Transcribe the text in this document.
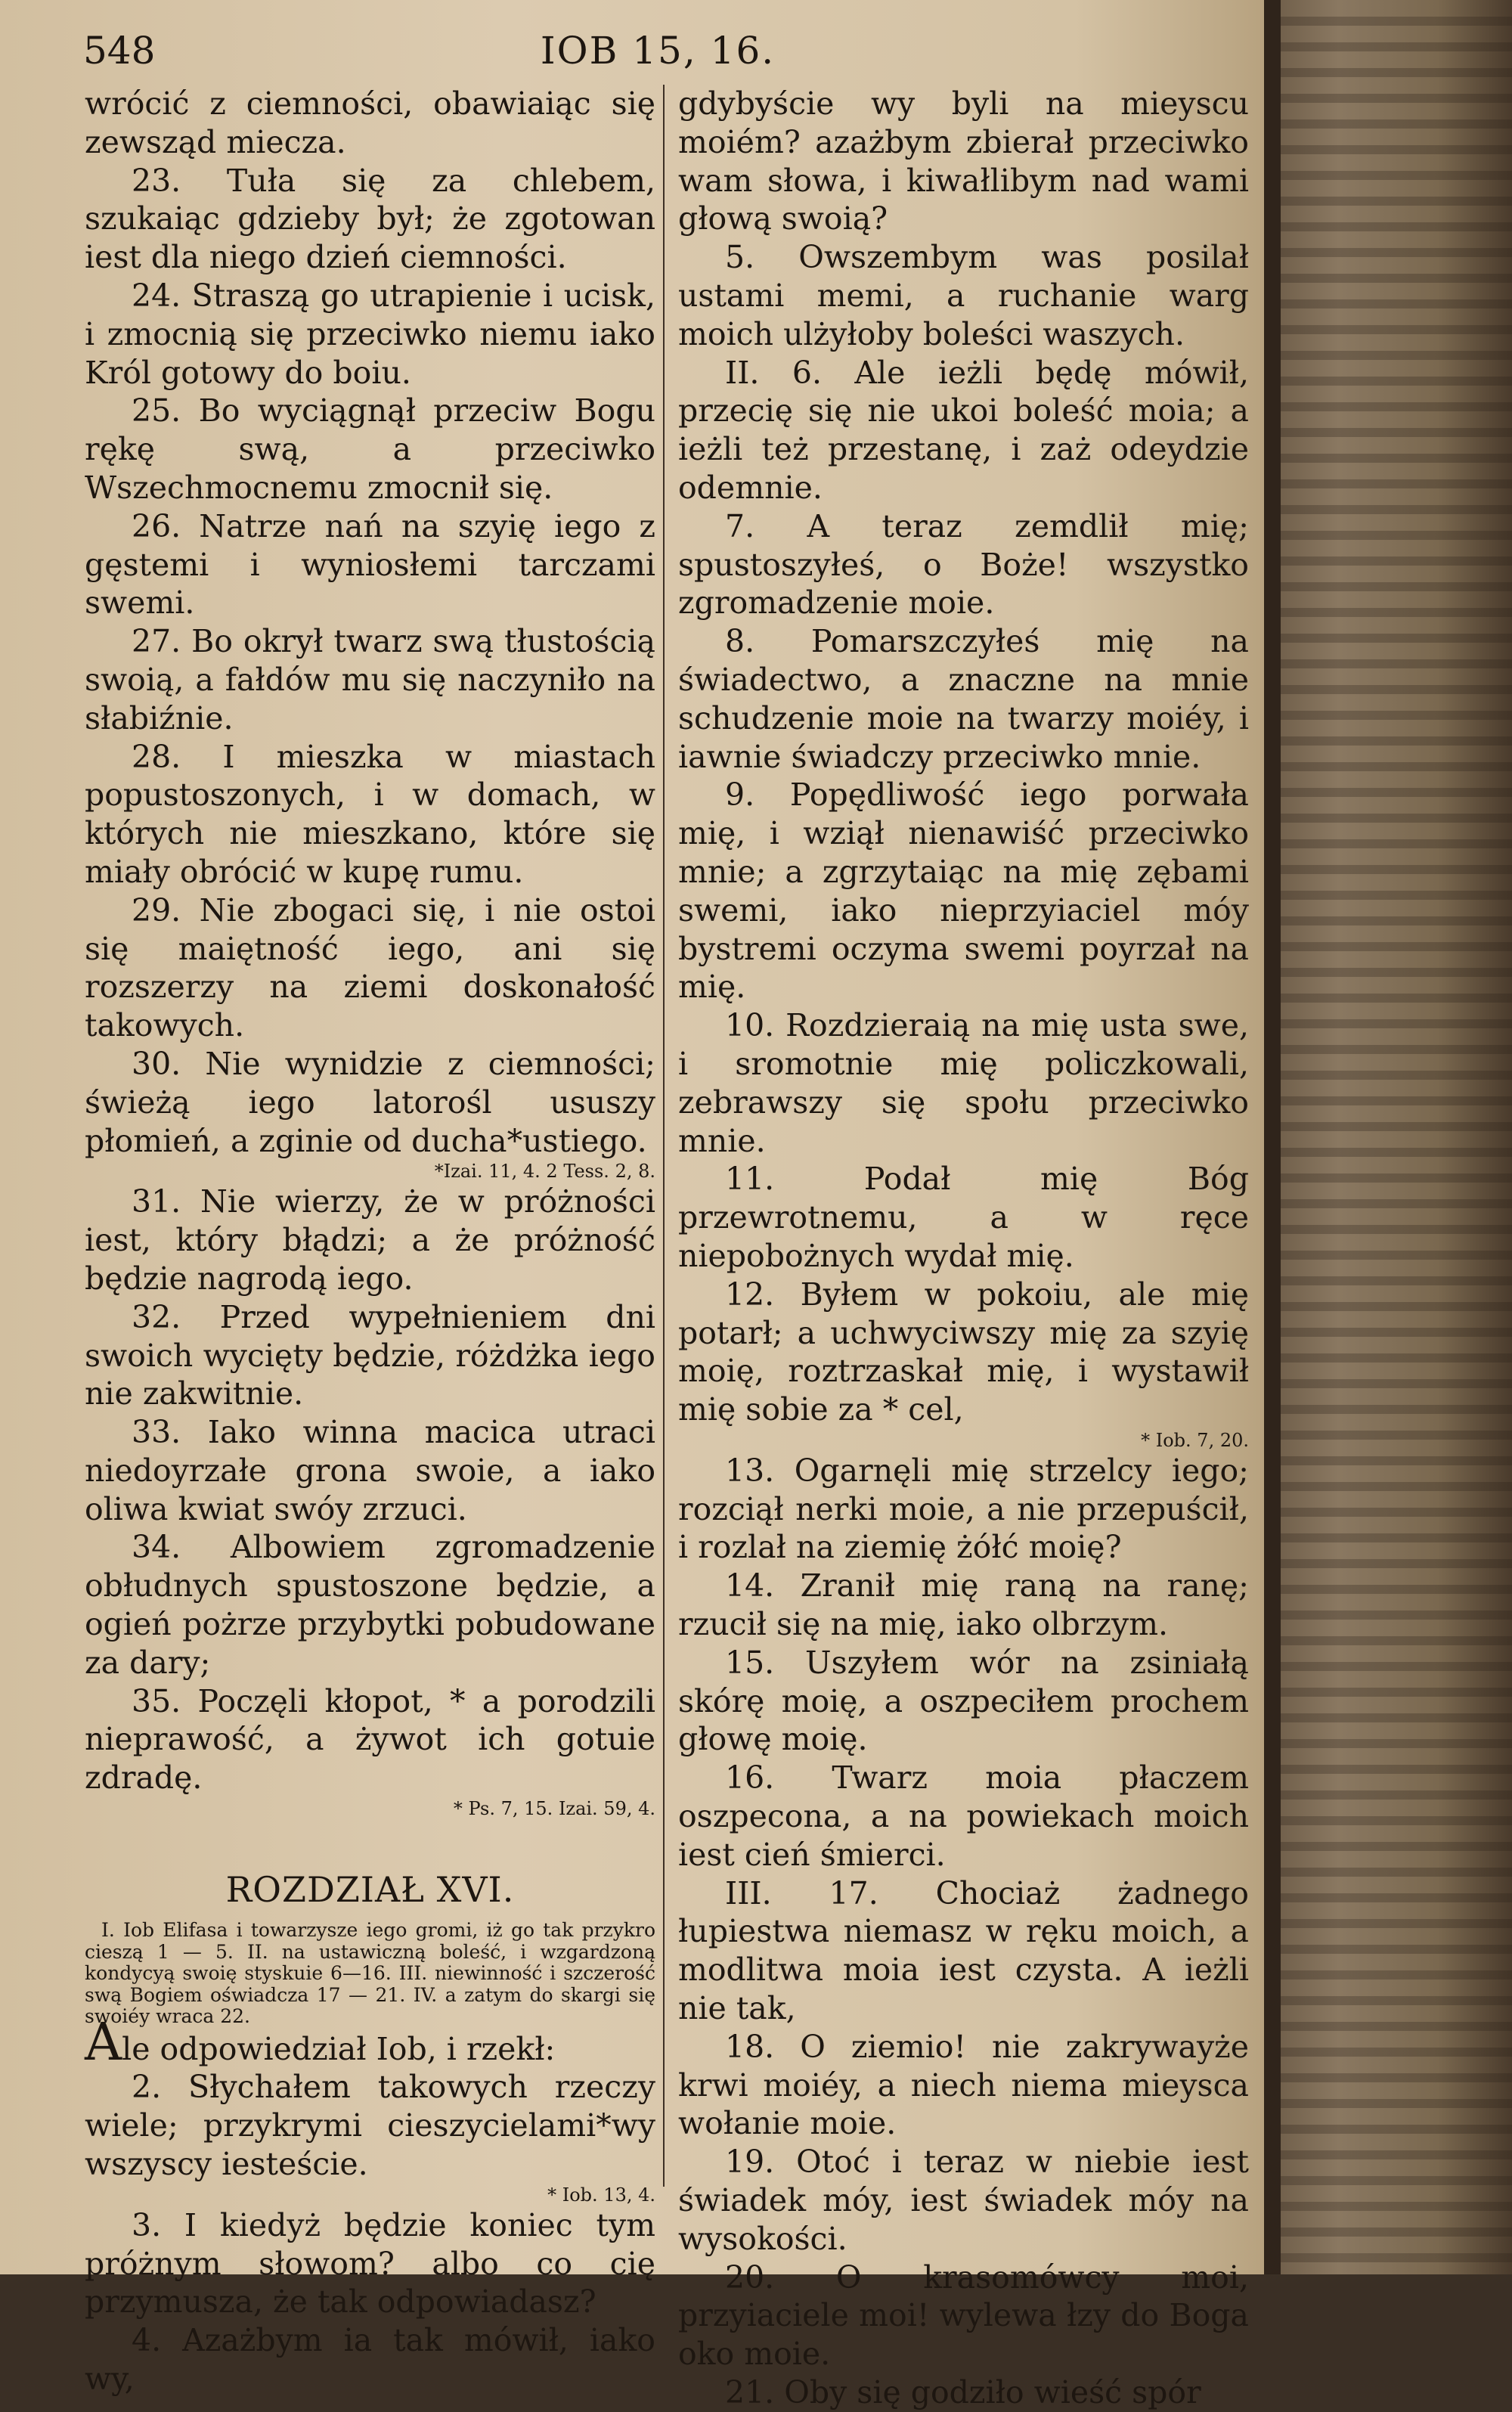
548	IOB 15, 16.

wrócić z ciemności, obawiaiąc się zewsząd miecza.

23. Tuła się za chlebem, szukaiąc gdzieby był; że zgotowan iest dla niego dzień ciemności.

24. Straszą go utrapienie i ucisk, i zmocnią się przeciwko niemu iako Król gotowy do boiu.

25. Bo wyciągnął przeciw Bogu rękę swą, a przeciwko Wszechmocnemu zmocnił się.

26. Natrze nań na szyię iego z gęstemi i wyniosłemi tarczami swemi.

27. Bo okrył twarz swą tłustością swoią, a fałdów mu się naczyniło na słabiźnie.

28. I mieszka w miastach popustoszonych, i w domach, w których nie mieszkano, które się miały obrócić w kupę rumu.

29. Nie zbogaci się, i nie ostoi się maiętność iego, ani się rozszerzy na ziemi doskonałość takowych.

30. Nie wynidzie z ciemności; świeżą iego latorośl ususzy płomień, a zginie od ducha*ustiego.

*Izai. 11, 4. 2 Tess. 2, 8.

31. Nie wierzy, że w próżności iest, który błądzi; a że próżność będzie nagrodą iego.

32. Przed wypełnieniem dni swoich wycięty będzie, różdżka iego nie zakwitnie.

33. Iako winna macica utraci niedoyrzałe grona swoie, a iako oliwa kwiat swóy zrzuci.

34. Albowiem zgromadzenie obłudnych spustoszone będzie, a ogień pożrze przybytki pobudowane za dary;

35. Poczęli kłopot, * a porodzili nieprawość, a żywot ich gotuie zdradę.

* Ps. 7, 15. Izai. 59, 4.

ROZDZIAŁ XVI.

I. Iob Elifasa i towarzysze iego gromi, iż go tak przykro cieszą 1 — 5. II. na ustawiczną boleść, i wzgardzoną kondycyą swoię styskuie 6—16. III. niewinność i szczerość swą Bogiem oświadcza 17 — 21. IV. a zatym do skargi się swoiéy wraca 22.

Ale odpowiedział Iob, i rzekł:

2. Słychałem takowych rzeczy wiele; przykrymi cieszycielami*wy wszyscy iesteście.

* Iob. 13, 4.

3. I kiedyż będzie koniec tym próżnym słowom? albo co cię przymusza, że tak odpowiadasz?

4. Azażbym ia tak mówił, iako wy,

gdybyście wy byli na mieyscu moiém? azażbym zbierał przeciwko wam słowa, i kiwałlibym nad wami głową swoią?

5. Owszembym was posilał ustami memi, a ruchanie warg moich ulżyłoby boleści waszych.

II. 6. Ale ieżli będę mówił, przecię się nie ukoi boleść moia; a ieżli też przestanę, i zaż odeydzie odemnie.

7. A teraz zemdlił mię; spustoszyłeś, o Boże! wszystko zgromadzenie moie.

8. Pomarszczyłeś mię na świadectwo, a znaczne na mnie schudzenie moie na twarzy moiéy, i iawnie świadczy przeciwko mnie.

9. Popędliwość iego porwała mię, i wziął nienawiść przeciwko mnie; a zgrzytaiąc na mię zębami swemi, iako nieprzyiaciel móy bystremi oczyma swemi poyrzał na mię.

10. Rozdzieraią na mię usta swe, i sromotnie mię policzkowali, zebrawszy się społu przeciwko mnie.

11. Podał mię Bóg przewrotnemu, a w ręce niepobożnych wydał mię.

12. Byłem w pokoiu, ale mię potarł; a uchwyciwszy mię za szyię moię, roztrzaskał mię, i wystawił mię sobie za * cel,

* Iob. 7, 20.

13. Ogarnęli mię strzelcy iego; rozciął nerki moie, a nie przepuścił, i rozlał na ziemię żółć moię?

14. Zranił mię raną na ranę; rzucił się na mię, iako olbrzym.

15. Uszyłem wór na zsiniałą skórę moię, a oszpeciłem prochem głowę moię.

16. Twarz moia płaczem oszpecona, a na powiekach moich iest cień śmierci.

III. 17. Chociaż żadnego łupiestwa niemasz w ręku moich, a modlitwa moia iest czysta. A ieżli nie tak,

18. O ziemio! nie zakrywayże krwi moiéy, a niech niema mieysca wołanie moie.

19. Otoć i teraz w niebie iest świadek móy, iest świadek móy na wysokości.

20. O krasomówcy moi, przyiaciele moi! wylewa łzy do Boga oko moie.

21. Oby się godziło wieść spór
